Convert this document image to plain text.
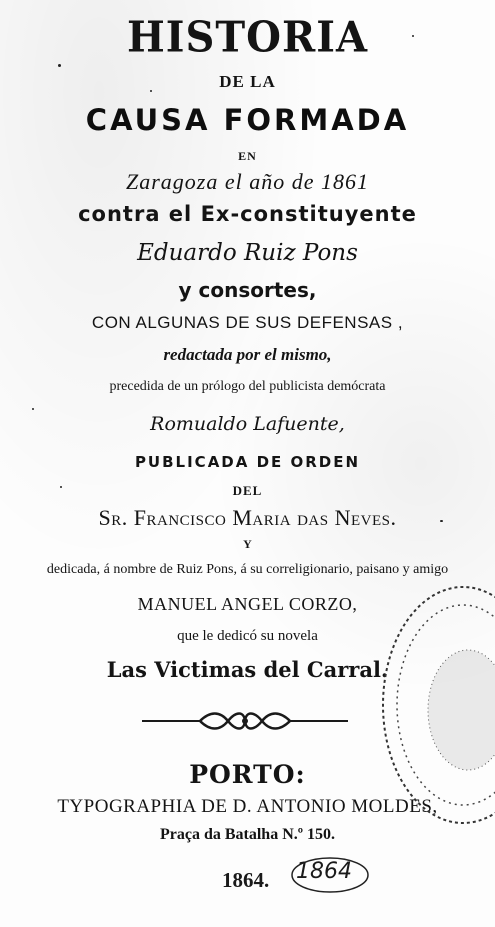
HISTORIA
DE LA
CAUSA FORMADA
EN
Zaragoza el año de 1861
contra el Ex-constituyente
Eduardo Ruiz Pons
y consortes,
CON ALGUNAS DE SUS DEFENSAS ,
redactada por el mismo,
precedida de un prólogo del publicista demócrata
Romualdo Lafuente,
PUBLICADA DE ORDEN
DEL
Sr. Francisco Maria das Neves.
Y
dedicada, á nombre de Ruiz Pons, á su correligionario, paisano y amigo
MANUEL ANGEL CORZO,
que le dedicó su novela
Las Victimas del Carral.
PORTO:
TYPOGRAPHIA DE D. ANTONIO MOLDES,
Praça da Batalha N.º 150.
1864. 1864
